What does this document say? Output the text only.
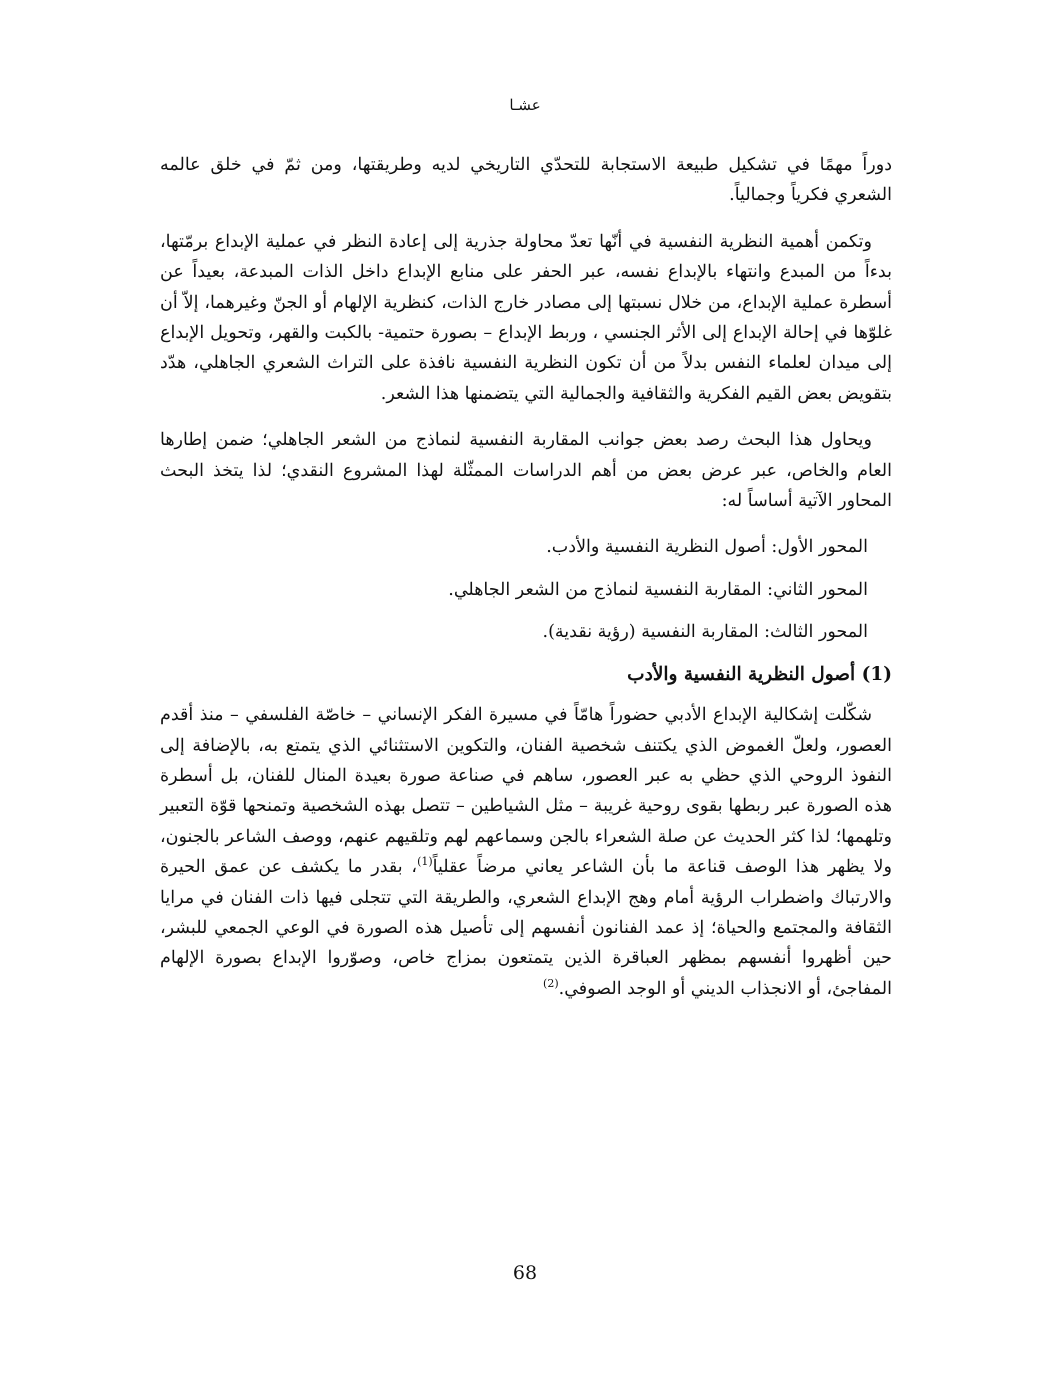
عشـا

دوراً مهمًا في تشكيل طبيعة الاستجابة للتحدّي التاريخي لديه وطريقتها، ومن ثمّ في خلق عالمه الشعري فكرياً وجمالياً.

وتكمن أهمية النظرية النفسية في أنّها تعدّ محاولة جذرية إلى إعادة النظر في عملية الإبداع برمّتها، بدءاً من المبدع وانتهاء بالإبداع نفسه، عبر الحفر على منابع الإبداع داخل الذات المبدعة، بعيداً عن أسطرة عملية الإبداع، من خلال نسبتها إلى مصادر خارج الذات، كنظرية الإلهام أو الجنّ وغيرهما، إلاّ أن غلوّها في إحالة الإبداع إلى الأثر الجنسي ، وربط الإبداع – بصورة حتمية- بالكبت والقهر، وتحويل الإبداع إلى ميدان لعلماء النفس بدلاً من أن تكون النظرية النفسية نافذة على التراث الشعري الجاهلي، هدّد بتقويض بعض القيم الفكرية والثقافية والجمالية التي يتضمنها هذا الشعر.

ويحاول هذا البحث رصد بعض جوانب المقاربة النفسية لنماذج من الشعر الجاهلي؛ ضمن إطارها العام والخاص، عبر عرض بعض من أهم الدراسات الممثّلة لهذا المشروع النقدي؛ لذا يتخذ البحث المحاور الآتية أساساً له:

المحور الأول: أصول النظرية النفسية والأدب.
المحور الثاني: المقاربة النفسية لنماذج من الشعر الجاهلي.
المحور الثالث: المقاربة النفسية (رؤية نقدية).
(1) أصول النظرية النفسية والأدب

شكّلت إشكالية الإبداع الأدبي حضوراً هامّاً في مسيرة الفكر الإنساني – خاصّة الفلسفي – منذ أقدم العصور، ولعلّ الغموض الذي يكتنف شخصية الفنان، والتكوين الاستثنائي الذي يتمتع به، بالإضافة إلى النفوذ الروحي الذي حظي به عبر العصور، ساهم في صناعة صورة بعيدة المنال للفنان، بل أسطرة هذه الصورة عبر ربطها بقوى روحية غريبة – مثل الشياطين – تتصل بهذه الشخصية وتمنحها قوّة التعبير وتلهمها؛ لذا كثر الحديث عن صلة الشعراء بالجن وسماعهم لهم وتلقيهم عنهم، ووصف الشاعر بالجنون، ولا يظهر هذا الوصف قناعة ما بأن الشاعر يعاني مرضاً عقلياً$^{(1)}$، بقدر ما يكشف عن عمق الحيرة والارتباك واضطراب الرؤية أمام وهج الإبداع الشعري، والطريقة التي تتجلى فيها ذات الفنان في مرايا الثقافة والمجتمع والحياة؛ إذ عمد الفنانون أنفسهم إلى تأصيل هذه الصورة في الوعي الجمعي للبشر، حين أظهروا أنفسهم بمظهر العباقرة الذين يتمتعون بمزاج خاص، وصوّروا الإبداع بصورة الإلهام المفاجئ، أو الانجذاب الديني أو الوجد الصوفي.$^{(2)}$

68
